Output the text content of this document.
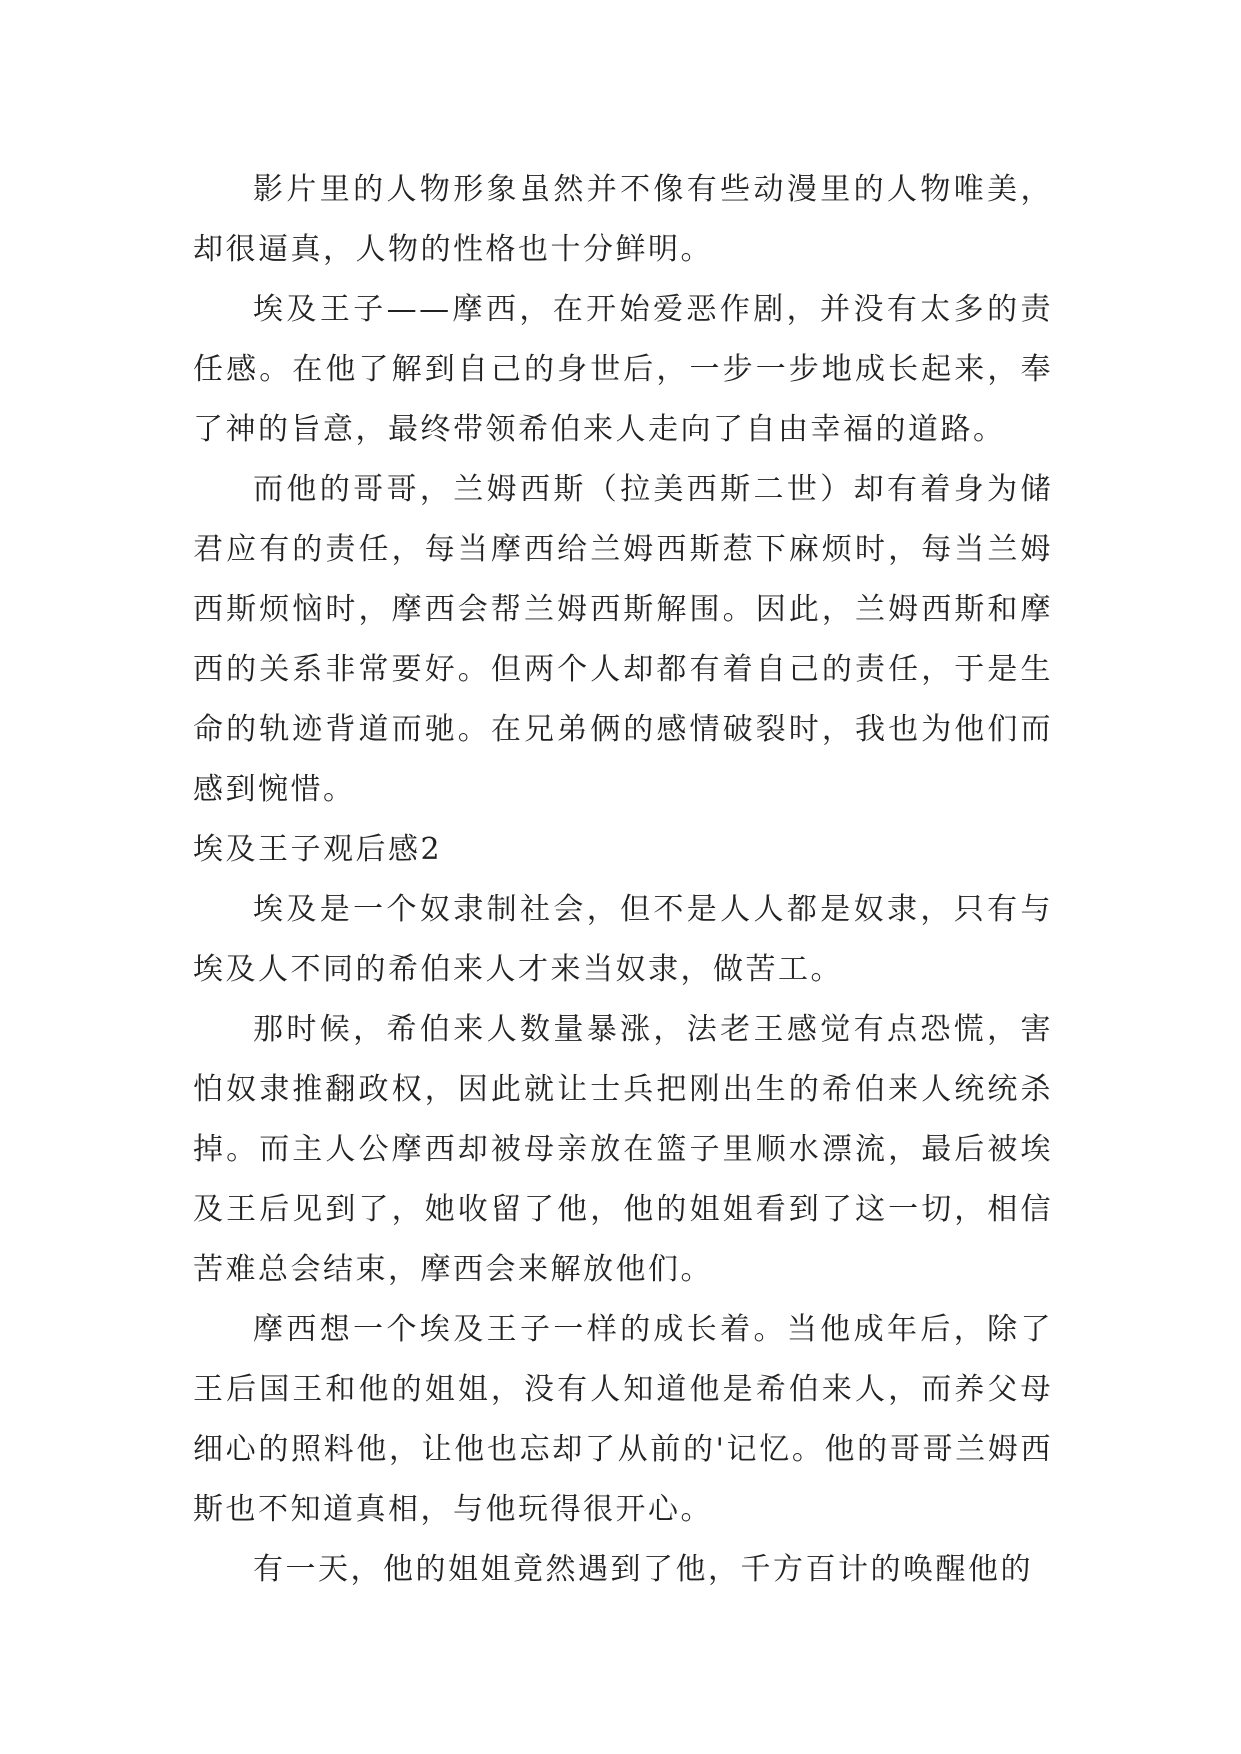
影片里的人物形象虽然并不像有些动漫里的人物唯美，却很逼真，人物的性格也十分鲜明。

埃及王子——摩西，在开始爱恶作剧，并没有太多的责任感。在他了解到自己的身世后，一步一步地成长起来，奉了神的旨意，最终带领希伯来人走向了自由幸福的道路。

而他的哥哥，兰姆西斯（拉美西斯二世）却有着身为储君应有的责任，每当摩西给兰姆西斯惹下麻烦时，每当兰姆西斯烦恼时，摩西会帮兰姆西斯解围。因此，兰姆西斯和摩西的关系非常要好。但两个人却都有着自己的责任，于是生命的轨迹背道而驰。在兄弟俩的感情破裂时，我也为他们而感到惋惜。

埃及王子观后感2

埃及是一个奴隶制社会，但不是人人都是奴隶，只有与埃及人不同的希伯来人才来当奴隶，做苦工。

那时候，希伯来人数量暴涨，法老王感觉有点恐慌，害怕奴隶推翻政权，因此就让士兵把刚出生的希伯来人统统杀掉。而主人公摩西却被母亲放在篮子里顺水漂流，最后被埃及王后见到了，她收留了他，他的姐姐看到了这一切，相信苦难总会结束，摩西会来解放他们。

摩西想一个埃及王子一样的成长着。当他成年后，除了王后国王和他的姐姐，没有人知道他是希伯来人，而养父母细心的照料他，让他也忘却了从前的'记忆。他的哥哥兰姆西斯也不知道真相，与他玩得很开心。

有一天，他的姐姐竟然遇到了他，千方百计的唤醒他的
